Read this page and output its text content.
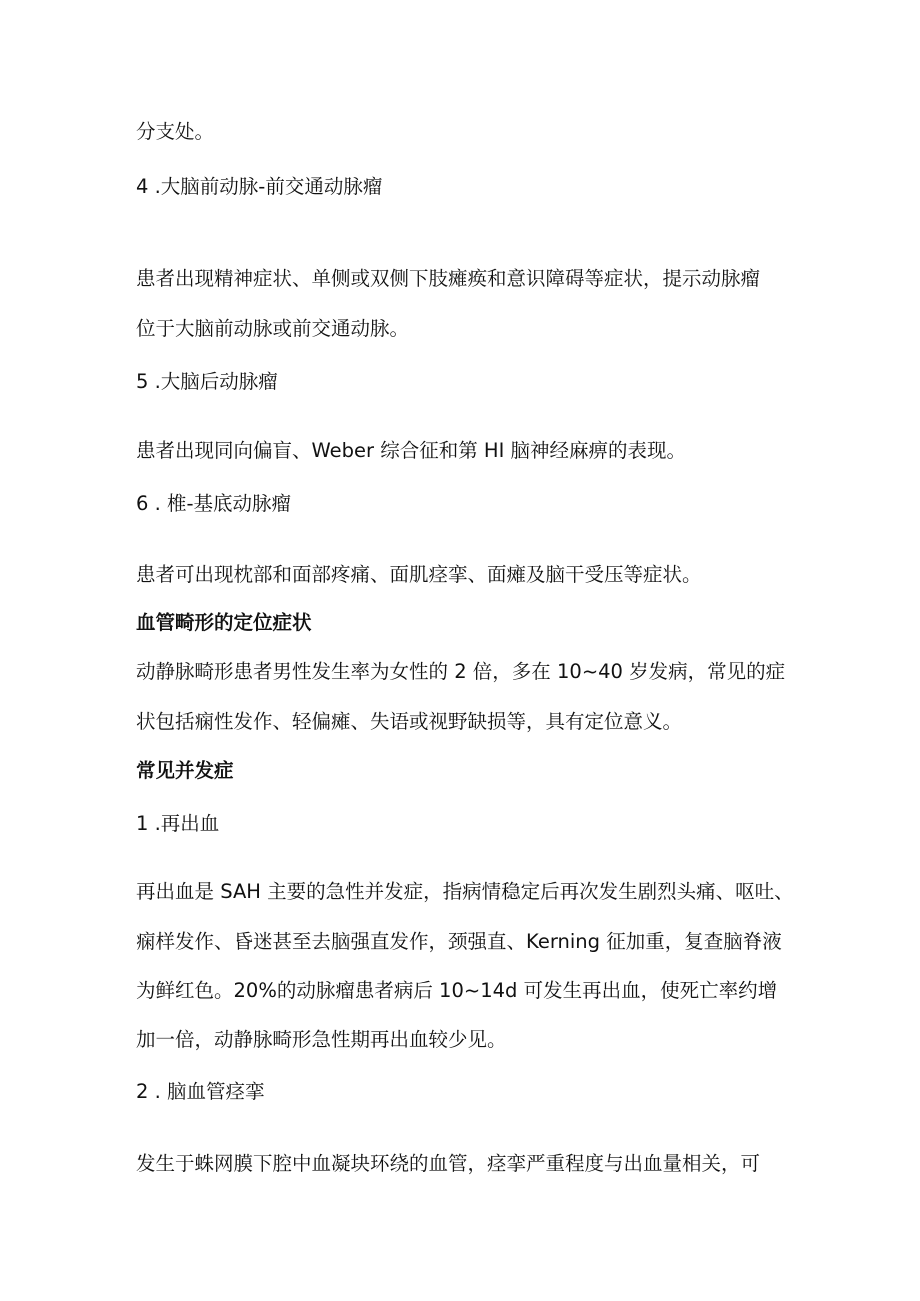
分支处。

4 .大脑前动脉-前交通动脉瘤

患者出现精神症状、单侧或双侧下肢瘫痪和意识障碍等症状，提示动脉瘤

位于大脑前动脉或前交通动脉。

5 .大脑后动脉瘤

患者出现同向偏盲、Weber 综合征和第 HI 脑神经麻痹的表现。

6 . 椎-基底动脉瘤

患者可出现枕部和面部疼痛、面肌痉挛、面瘫及脑干受压等症状。

血管畸形的定位症状

动静脉畸形患者男性发生率为女性的 2 倍，多在 10~40 岁发病，常见的症

状包括痫性发作、轻偏瘫、失语或视野缺损等，具有定位意义。

常见并发症

1 .再出血

再出血是 SAH 主要的急性并发症，指病情稳定后再次发生剧烈头痛、呕吐、

痫样发作、昏迷甚至去脑强直发作，颈强直、Kerning 征加重，复查脑脊液

为鲜红色。20%的动脉瘤患者病后 10~14d 可发生再出血，使死亡率约增

加一倍，动静脉畸形急性期再出血较少见。

2 . 脑血管痉挛

发生于蛛网膜下腔中血凝块环绕的血管，痉挛严重程度与出血量相关，可
